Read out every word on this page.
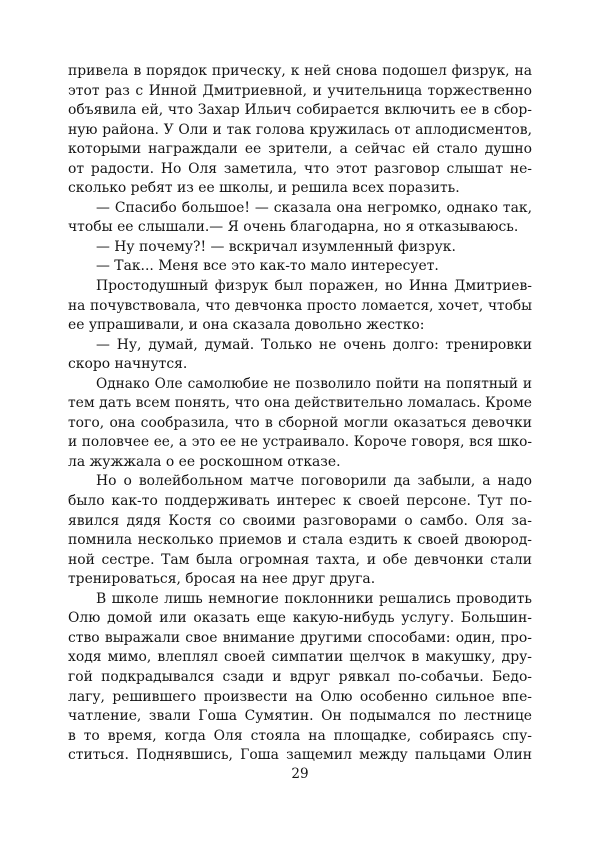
привела в порядок прическу, к ней снова подошел физрук, на
этот раз с Инной Дмитриевной, и учительница торжественно
объявила ей, что Захар Ильич собирается включить ее в сбор-
ную района. У Оли и так голова кружилась от аплодисментов,
которыми награждали ее зрители, а сейчас ей стало душно
от радости. Но Оля заметила, что этот разговор слышат не-
сколько ребят из ее школы, и решила всех поразить.
— Спасибо большое! — сказала она негромко, однако так,
чтобы ее слышали.— Я очень благодарна, но я отказываюсь.
— Ну почему?! — вскричал изумленный физрук.
— Так... Меня все это как-то мало интересует.
Простодушный физрук был поражен, но Инна Дмитриев-
на почувствовала, что девчонка просто ломается, хочет, чтобы
ее упрашивали, и она сказала довольно жестко:
— Ну, думай, думай. Только не очень долго: тренировки
скоро начнутся.
Однако Оле самолюбие не позволило пойти на попятный и
тем дать всем понять, что она действительно ломалась. Кроме
того, она сообразила, что в сборной могли оказаться девочки
и половчее ее, а это ее не устраивало. Короче говоря, вся шко-
ла жужжала о ее роскошном отказе.
Но о волейбольном матче поговорили да забыли, а надо
было как-то поддерживать интерес к своей персоне. Тут по-
явился дядя Костя со своими разговорами о самбо. Оля за-
помнила несколько приемов и стала ездить к своей двоюрод-
ной сестре. Там была огромная тахта, и обе девчонки стали
тренироваться, бросая на нее друг друга.
В школе лишь немногие поклонники решались проводить
Олю домой или оказать еще какую-нибудь услугу. Большин-
ство выражали свое внимание другими способами: один, про-
ходя мимо, влеплял своей симпатии щелчок в макушку, дру-
гой подкрадывался сзади и вдруг рявкал по-собачьи. Бедо-
лагу, решившего произвести на Олю особенно сильное впе-
чатление, звали Гоша Сумятин. Он подымался по лестнице
в то время, когда Оля стояла на площадке, собираясь спу-
ститься. Поднявшись, Гоша защемил между пальцами Олин
29
